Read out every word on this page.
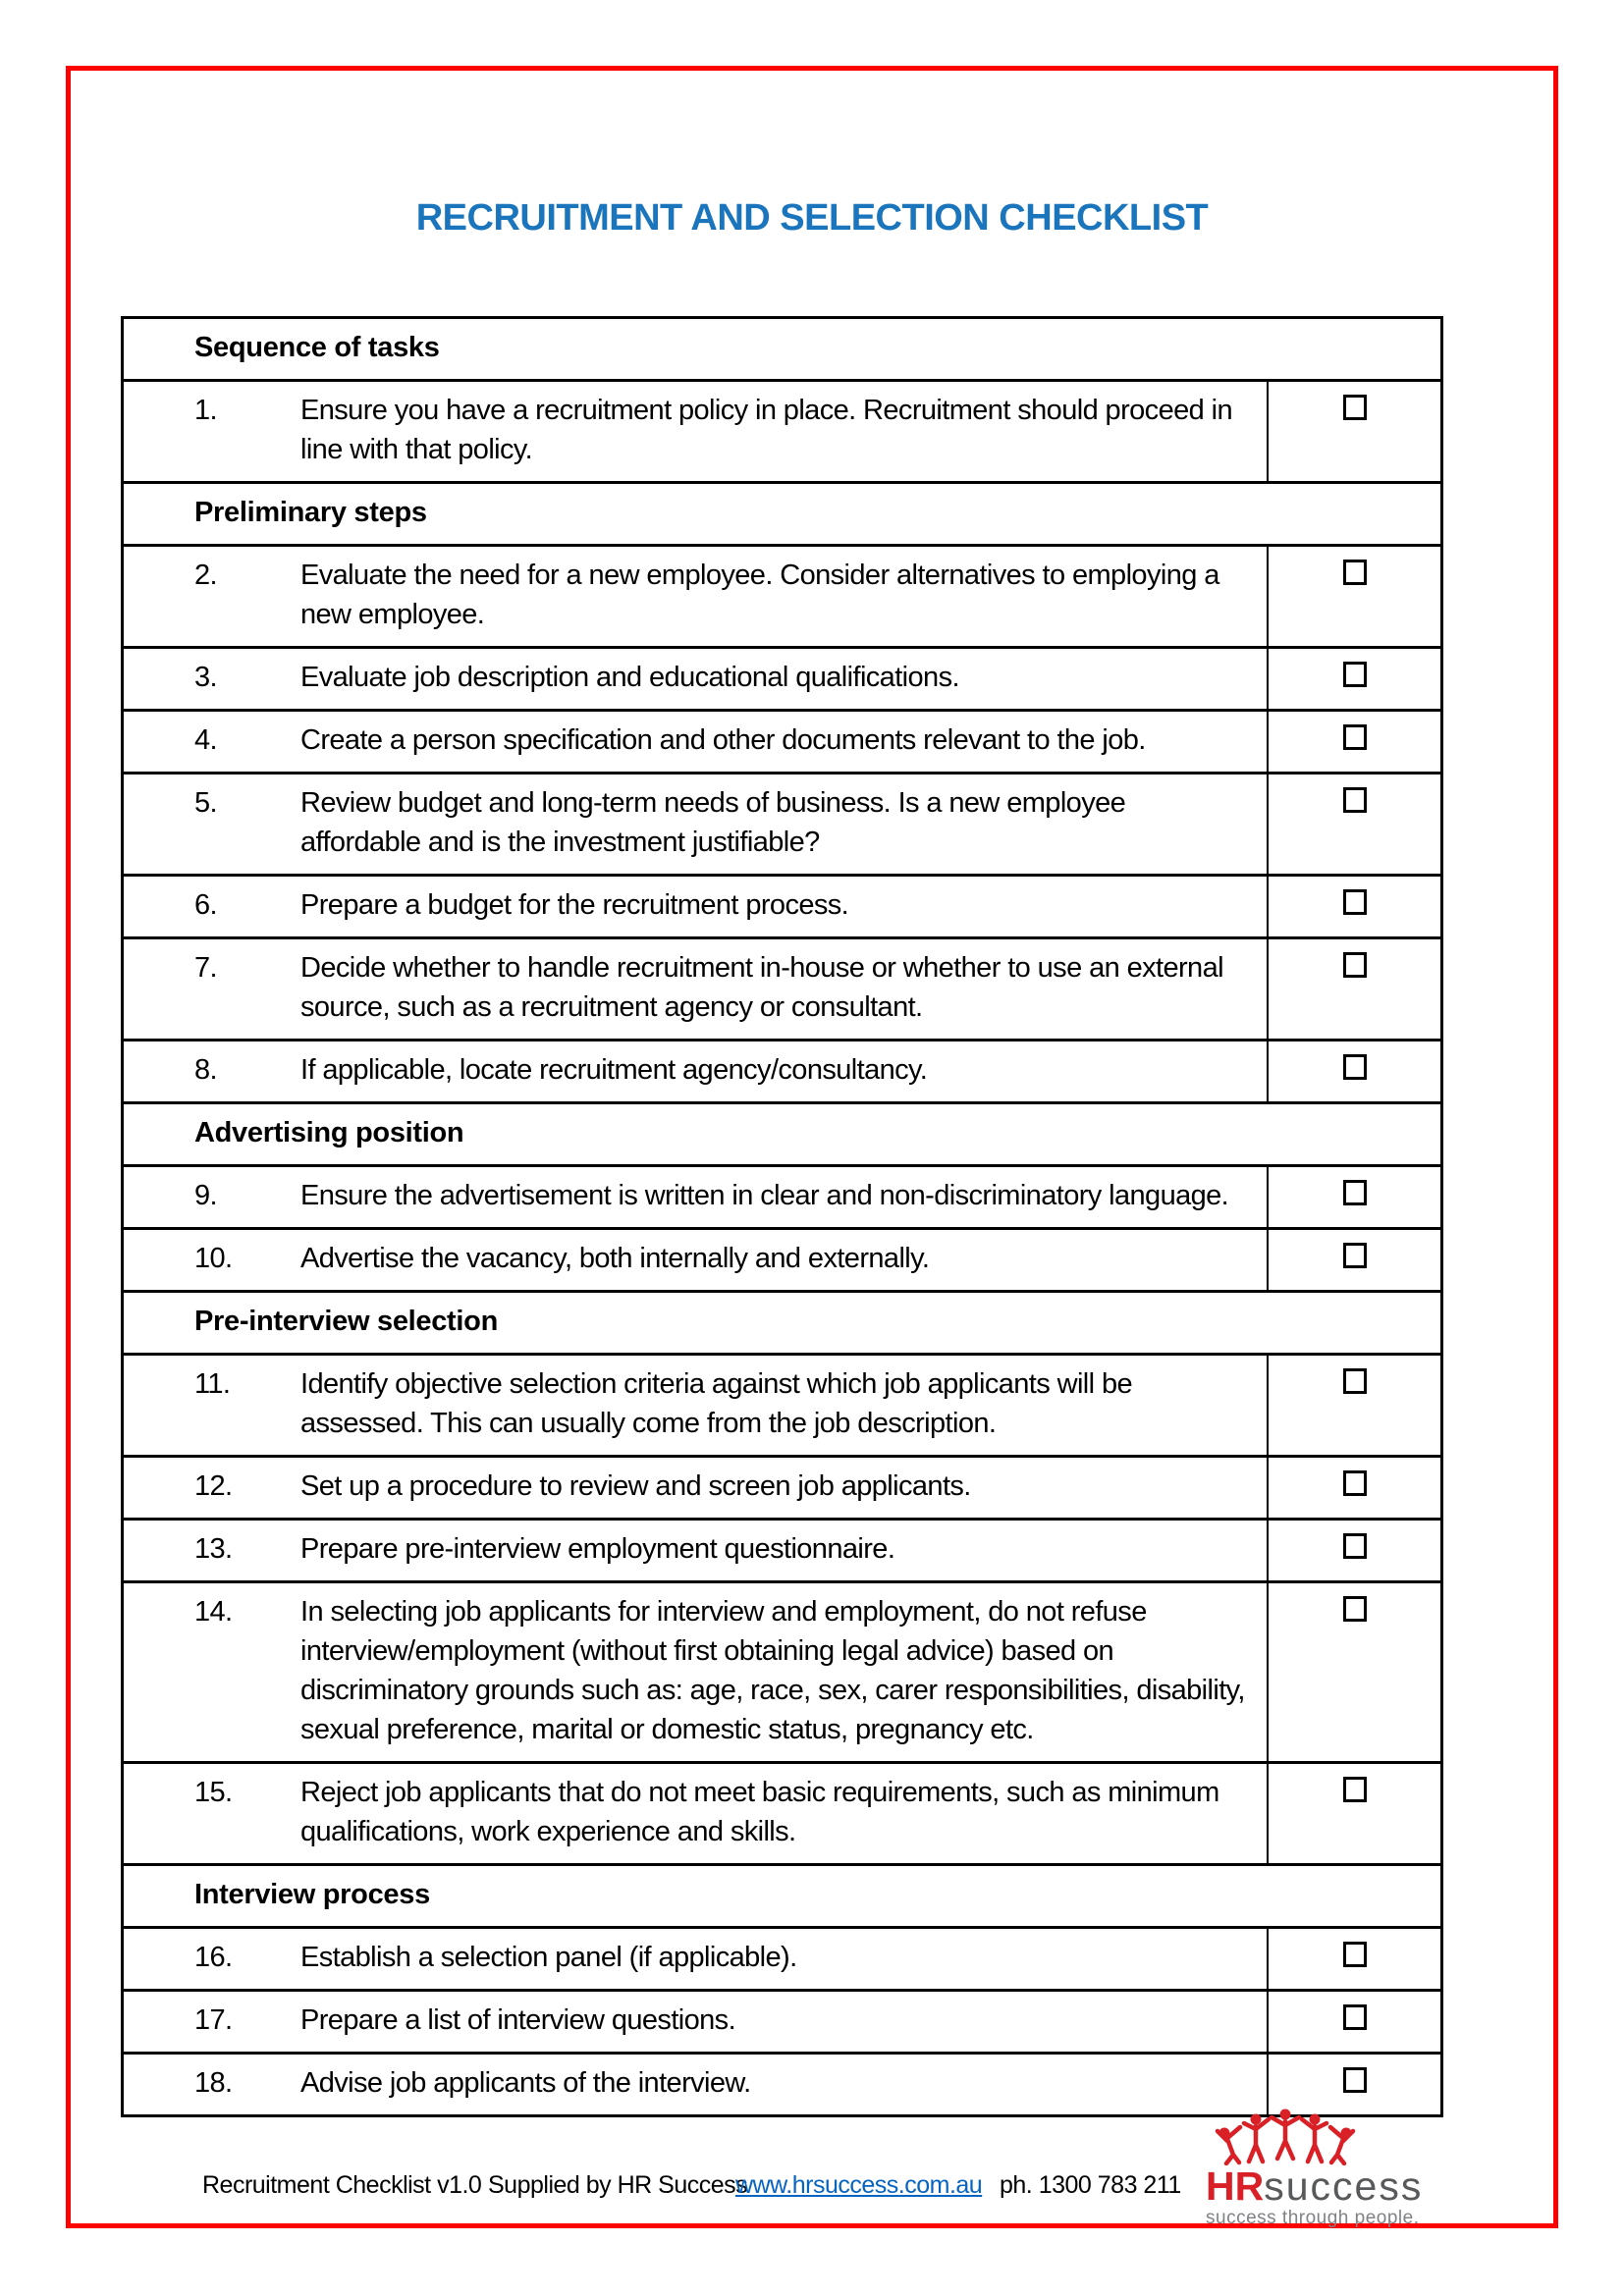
RECRUITMENT AND SELECTION CHECKLIST
Sequence of tasks
1.	Ensure you have a recruitment policy in place. Recruitment should proceed in line with that policy.
Preliminary steps
2.	Evaluate the need for a new employee. Consider alternatives to employing a new employee.
3.	Evaluate job description and educational qualifications.
4.	Create a person specification and other documents relevant to the job.
5.	Review budget and long-term needs of business. Is a new employee affordable and is the investment justifiable?
6.	Prepare a budget for the recruitment process.
7.	Decide whether to handle recruitment in-house or whether to use an external source, such as a recruitment agency or consultant.
8.	If applicable, locate recruitment agency/consultancy.
Advertising position
9.	Ensure the advertisement is written in clear and non-discriminatory language.
10.	Advertise the vacancy, both internally and externally.
Pre-interview selection
11.	Identify objective selection criteria against which job applicants will be assessed. This can usually come from the job description.
12.	Set up a procedure to review and screen job applicants.
13.	Prepare pre-interview employment questionnaire.
14.	In selecting job applicants for interview and employment, do not refuse interview/employment (without first obtaining legal advice) based on discriminatory grounds such as: age, race, sex, carer responsibilities, disability, sexual preference, marital or domestic status, pregnancy etc.
15.	Reject job applicants that do not meet basic requirements, such as minimum qualifications, work experience and skills.
Interview process
16.	Establish a selection panel (if applicable).
17.	Prepare a list of interview questions.
18.	Advise job applicants of the interview.
Recruitment Checklist v1.0 Supplied by HR Success
www.hrsuccess.com.au ph. 1300 783 211 HRsuccess
success through people.
